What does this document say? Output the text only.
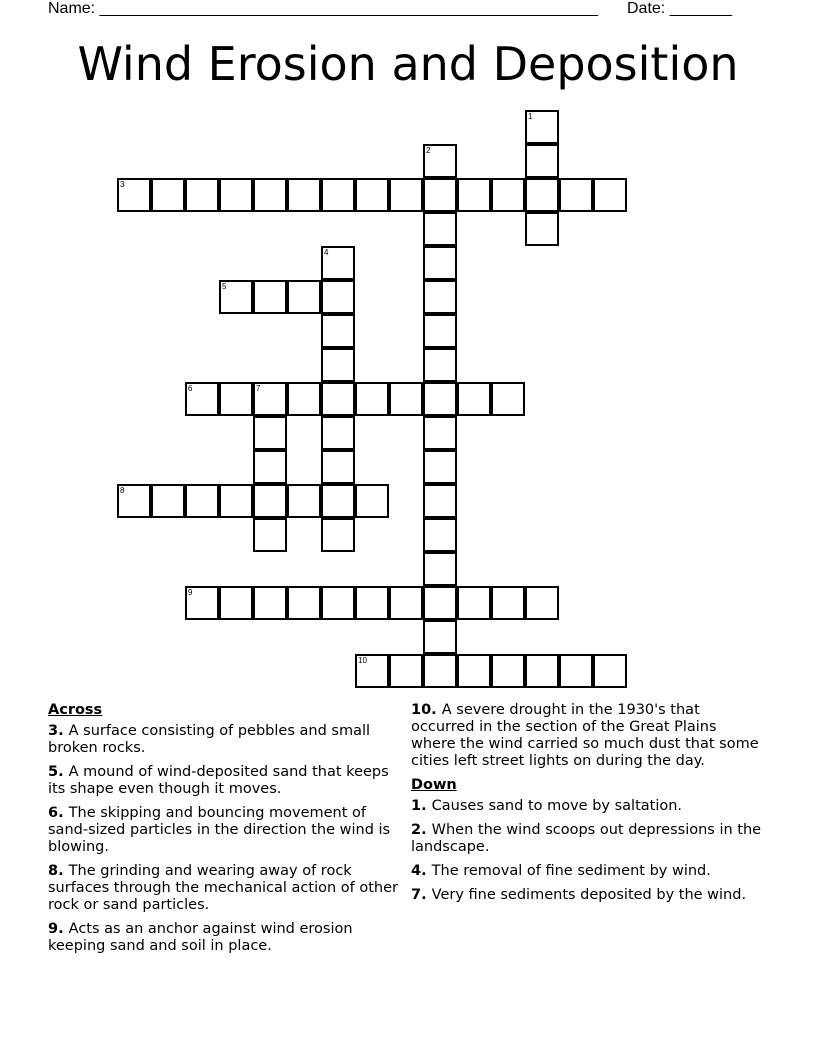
Name: ________________________________________________________ Date: _______
Wind Erosion and Deposition
1
2
3
4
5
6	7
8
9
10
Across
3. A surface consisting of pebbles and small broken rocks.
5. A mound of wind-deposited sand that keeps its shape even though it moves.
6. The skipping and bouncing movement of sand-sized particles in the direction the wind is blowing.
8. The grinding and wearing away of rock surfaces through the mechanical action of other rock or sand particles.
9. Acts as an anchor against wind erosion keeping sand and soil in place.
10. A severe drought in the 1930's that occurred in the section of the Great Plains where the wind carried so much dust that some cities left street lights on during the day.
Down
1. Causes sand to move by saltation.
2. When the wind scoops out depressions in the landscape.
4. The removal of fine sediment by wind.
7. Very fine sediments deposited by the wind.
